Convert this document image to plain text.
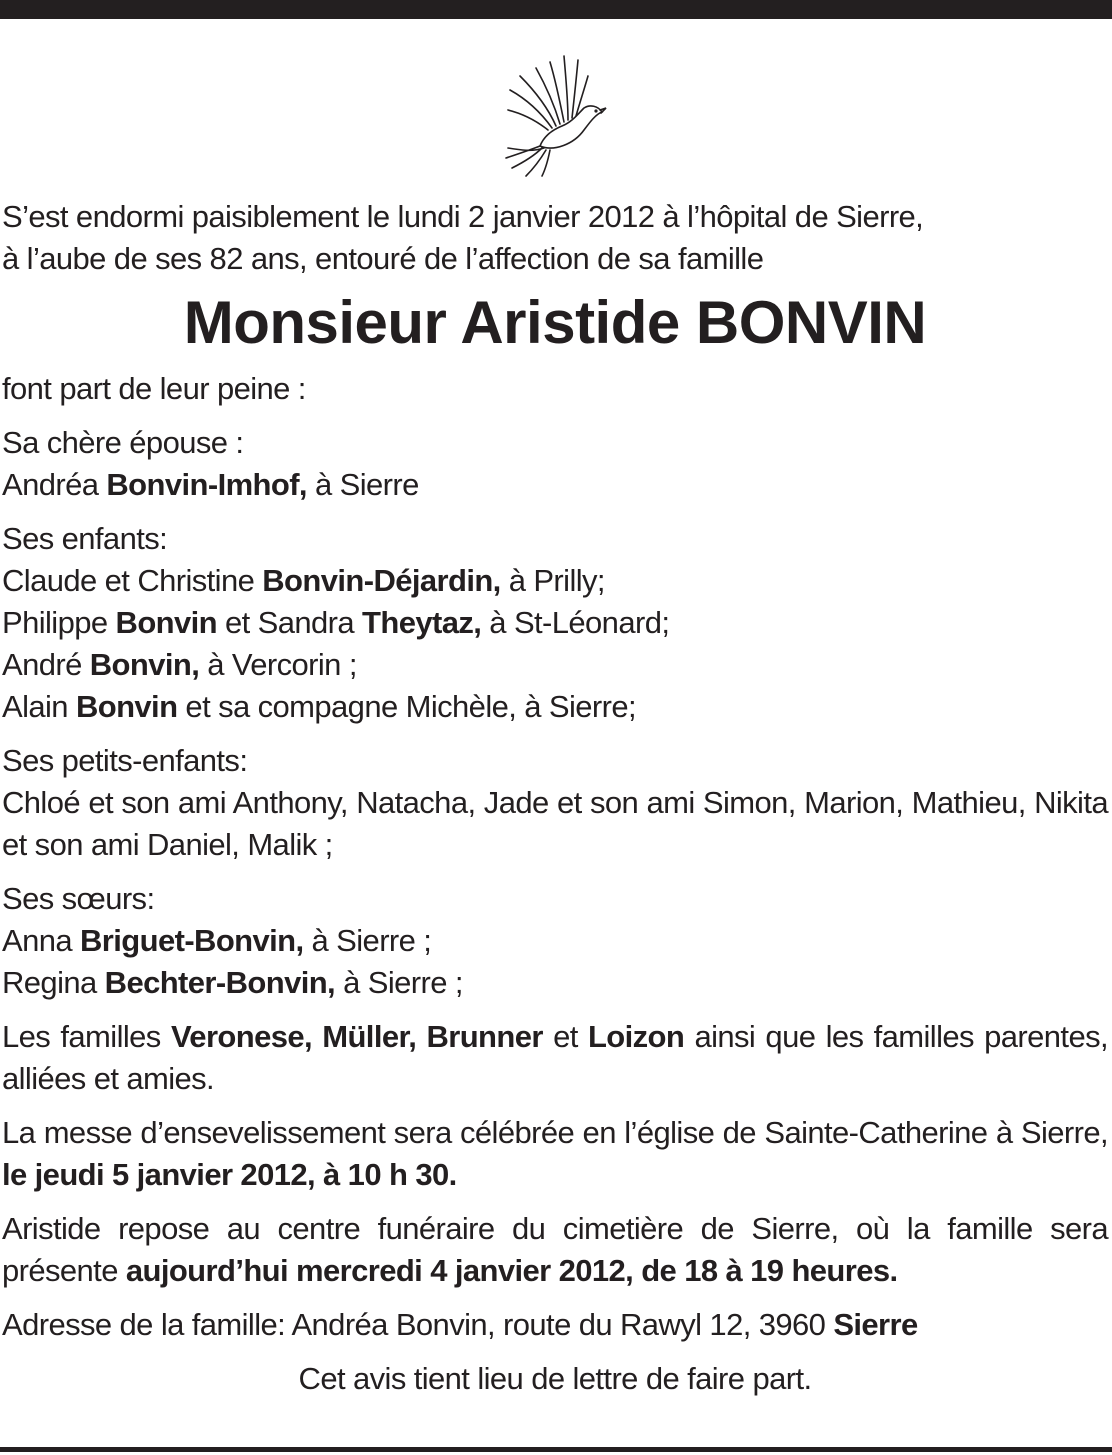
S’est endormi paisiblement le lundi 2 janvier 2012 à l’hôpital de Sierre,
à l’aube de ses 82 ans, entouré de l’affection de sa famille

Monsieur Aristide BONVIN

font part de leur peine :

Sa chère épouse :
Andréa Bonvin-Imhof, à Sierre

Ses enfants:
Claude et Christine Bonvin-Déjardin, à Prilly;
Philippe Bonvin et Sandra Theytaz, à St-Léonard;
André Bonvin, à Vercorin ;
Alain Bonvin et sa compagne Michèle, à Sierre;

Ses petits-enfants:

Chloé et son ami Anthony, Natacha, Jade et son ami Simon, Marion, Mathieu, Nikita et son ami Daniel, Malik ;

Ses sœurs:
Anna Briguet-Bonvin, à Sierre ;
Regina Bechter-Bonvin, à Sierre ;

Les familles Veronese, Müller, Brunner et Loizon ainsi que les familles parentes, alliées et amies.

La messe d’ensevelissement sera célébrée en l’église de Sainte-Catherine à Sierre, le jeudi 5 janvier 2012, à 10 h 30.

Aristide repose au centre funéraire du cimetière de Sierre, où la famille sera présente aujourd’hui mercredi 4 janvier 2012, de 18 à 19 heures.

Adresse de la famille: Andréa Bonvin, route du Rawyl 12, 3960 Sierre

Cet avis tient lieu de lettre de faire part.
